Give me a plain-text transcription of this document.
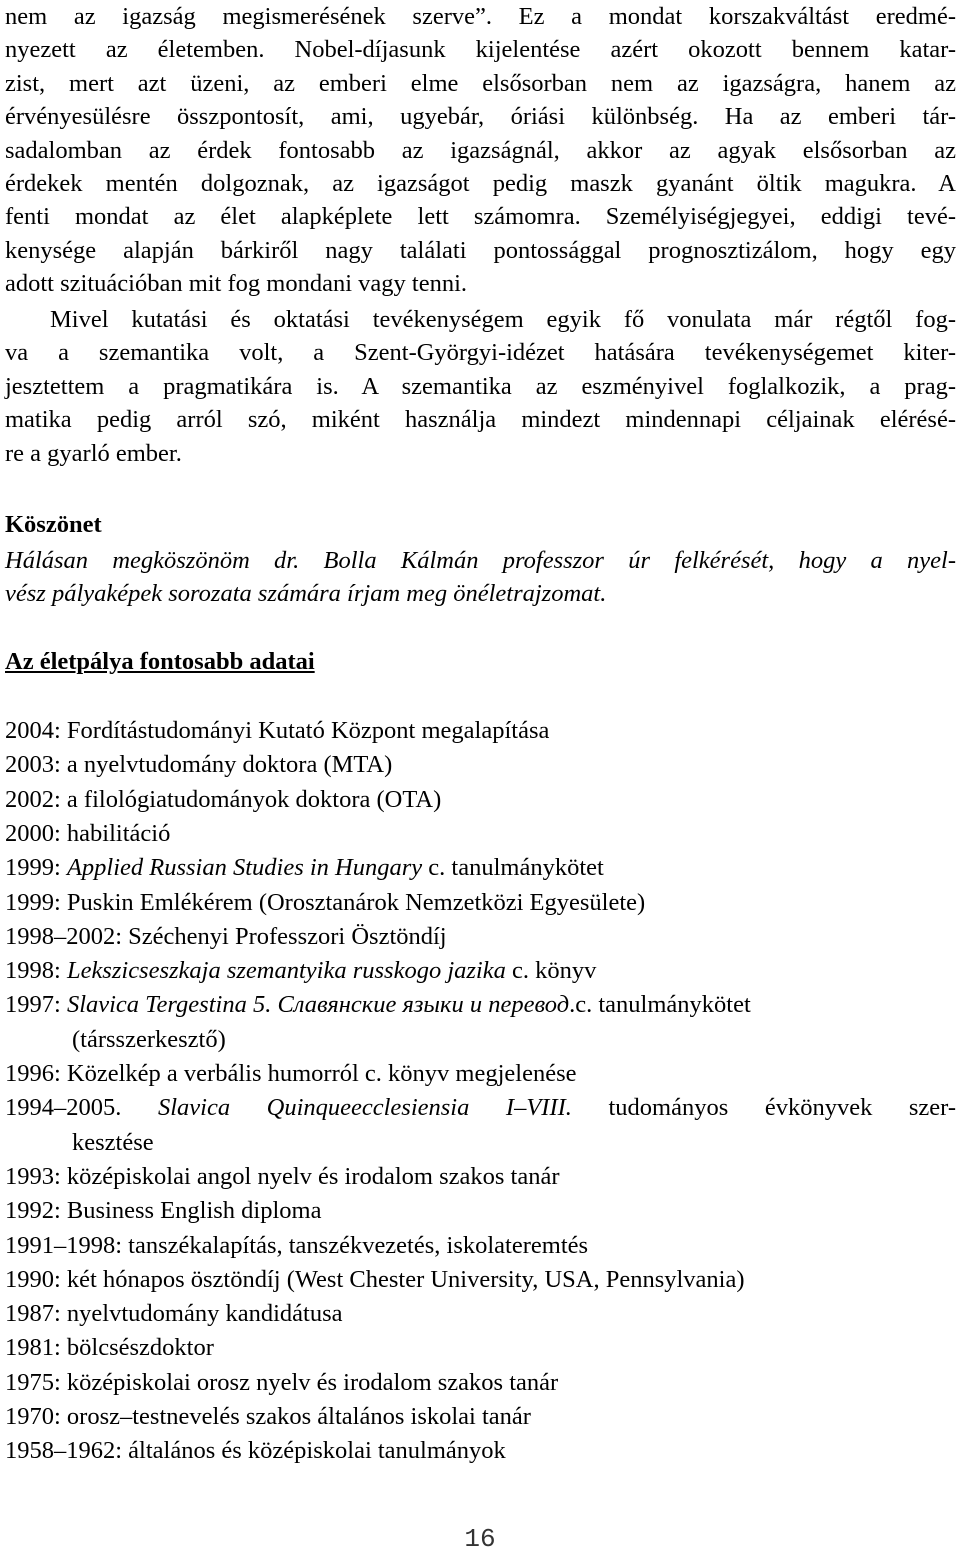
nem az igazság megismerésének szerve”. Ez a mondat korszakváltást eredmé-
nyezett az életemben. Nobel-díjasunk kijelentése azért okozott bennem katar-
zist, mert azt üzeni, az emberi elme elsősorban nem az igazságra, hanem az
érvényesülésre összpontosít, ami, ugyebár, óriási különbség. Ha az emberi tár-
sadalomban az érdek fontosabb az igazságnál, akkor az agyak elsősorban az
érdekek mentén dolgoznak, az igazságot pedig maszk gyanánt öltik magukra. A
fenti mondat az élet alapképlete lett számomra. Személyiségjegyei, eddigi tevé-
kenysége alapján bárkiről nagy találati pontossággal prognosztizálom, hogy egy
adott szituációban mit fog mondani vagy tenni.
Mivel kutatási és oktatási tevékenységem egyik fő vonulata már régtől fog-
va a szemantika volt, a Szent-Györgyi-idézet hatására tevékenységemet kiter-
jesztettem a pragmatikára is. A szemantika az eszményivel foglalkozik, a prag-
matika pedig arról szó, miként használja mindezt mindennapi céljainak elérésé-
re a gyarló ember.
Köszönet
Hálásan megköszönöm dr. Bolla Kálmán professzor úr felkérését, hogy a nyel-
vész pályaképek sorozata számára írjam meg önéletrajzomat.
Az életpálya fontosabb adatai
2004: Fordítástudományi Kutató Központ megalapítása
2003: a nyelvtudomány doktora (MTA)
2002: a filológiatudományok doktora (OTA)
2000: habilitáció
1999: Applied Russian Studies in Hungary c. tanulmánykötet
1999: Puskin Emlékérem (Orosztanárok Nemzetközi Egyesülete)
1998–2002: Széchenyi Professzori Ösztöndíj
1998: Lekszicseszkaja szemantyika russkogo jazika c. könyv
1997: Slavica Tergestina 5. Славянские языки и перевод.c. tanulmánykötet
(társszerkesztő)
1996: Közelkép a verbális humorról c. könyv megjelenése
1994–2005. Slavica Quinqueecclesiensia I–VIII. tudományos évkönyvek szer-
kesztése
1993: középiskolai angol nyelv és irodalom szakos tanár
1992: Business English diploma
1991–1998: tanszékalapítás, tanszékvezetés, iskolateremtés
1990: két hónapos ösztöndíj (West Chester University, USA, Pennsylvania)
1987: nyelvtudomány kandidátusa
1981: bölcsészdoktor
1975: középiskolai orosz nyelv és irodalom szakos tanár
1970: orosz–testnevelés szakos általános iskolai tanár
1958–1962: általános és középiskolai tanulmányok
16
